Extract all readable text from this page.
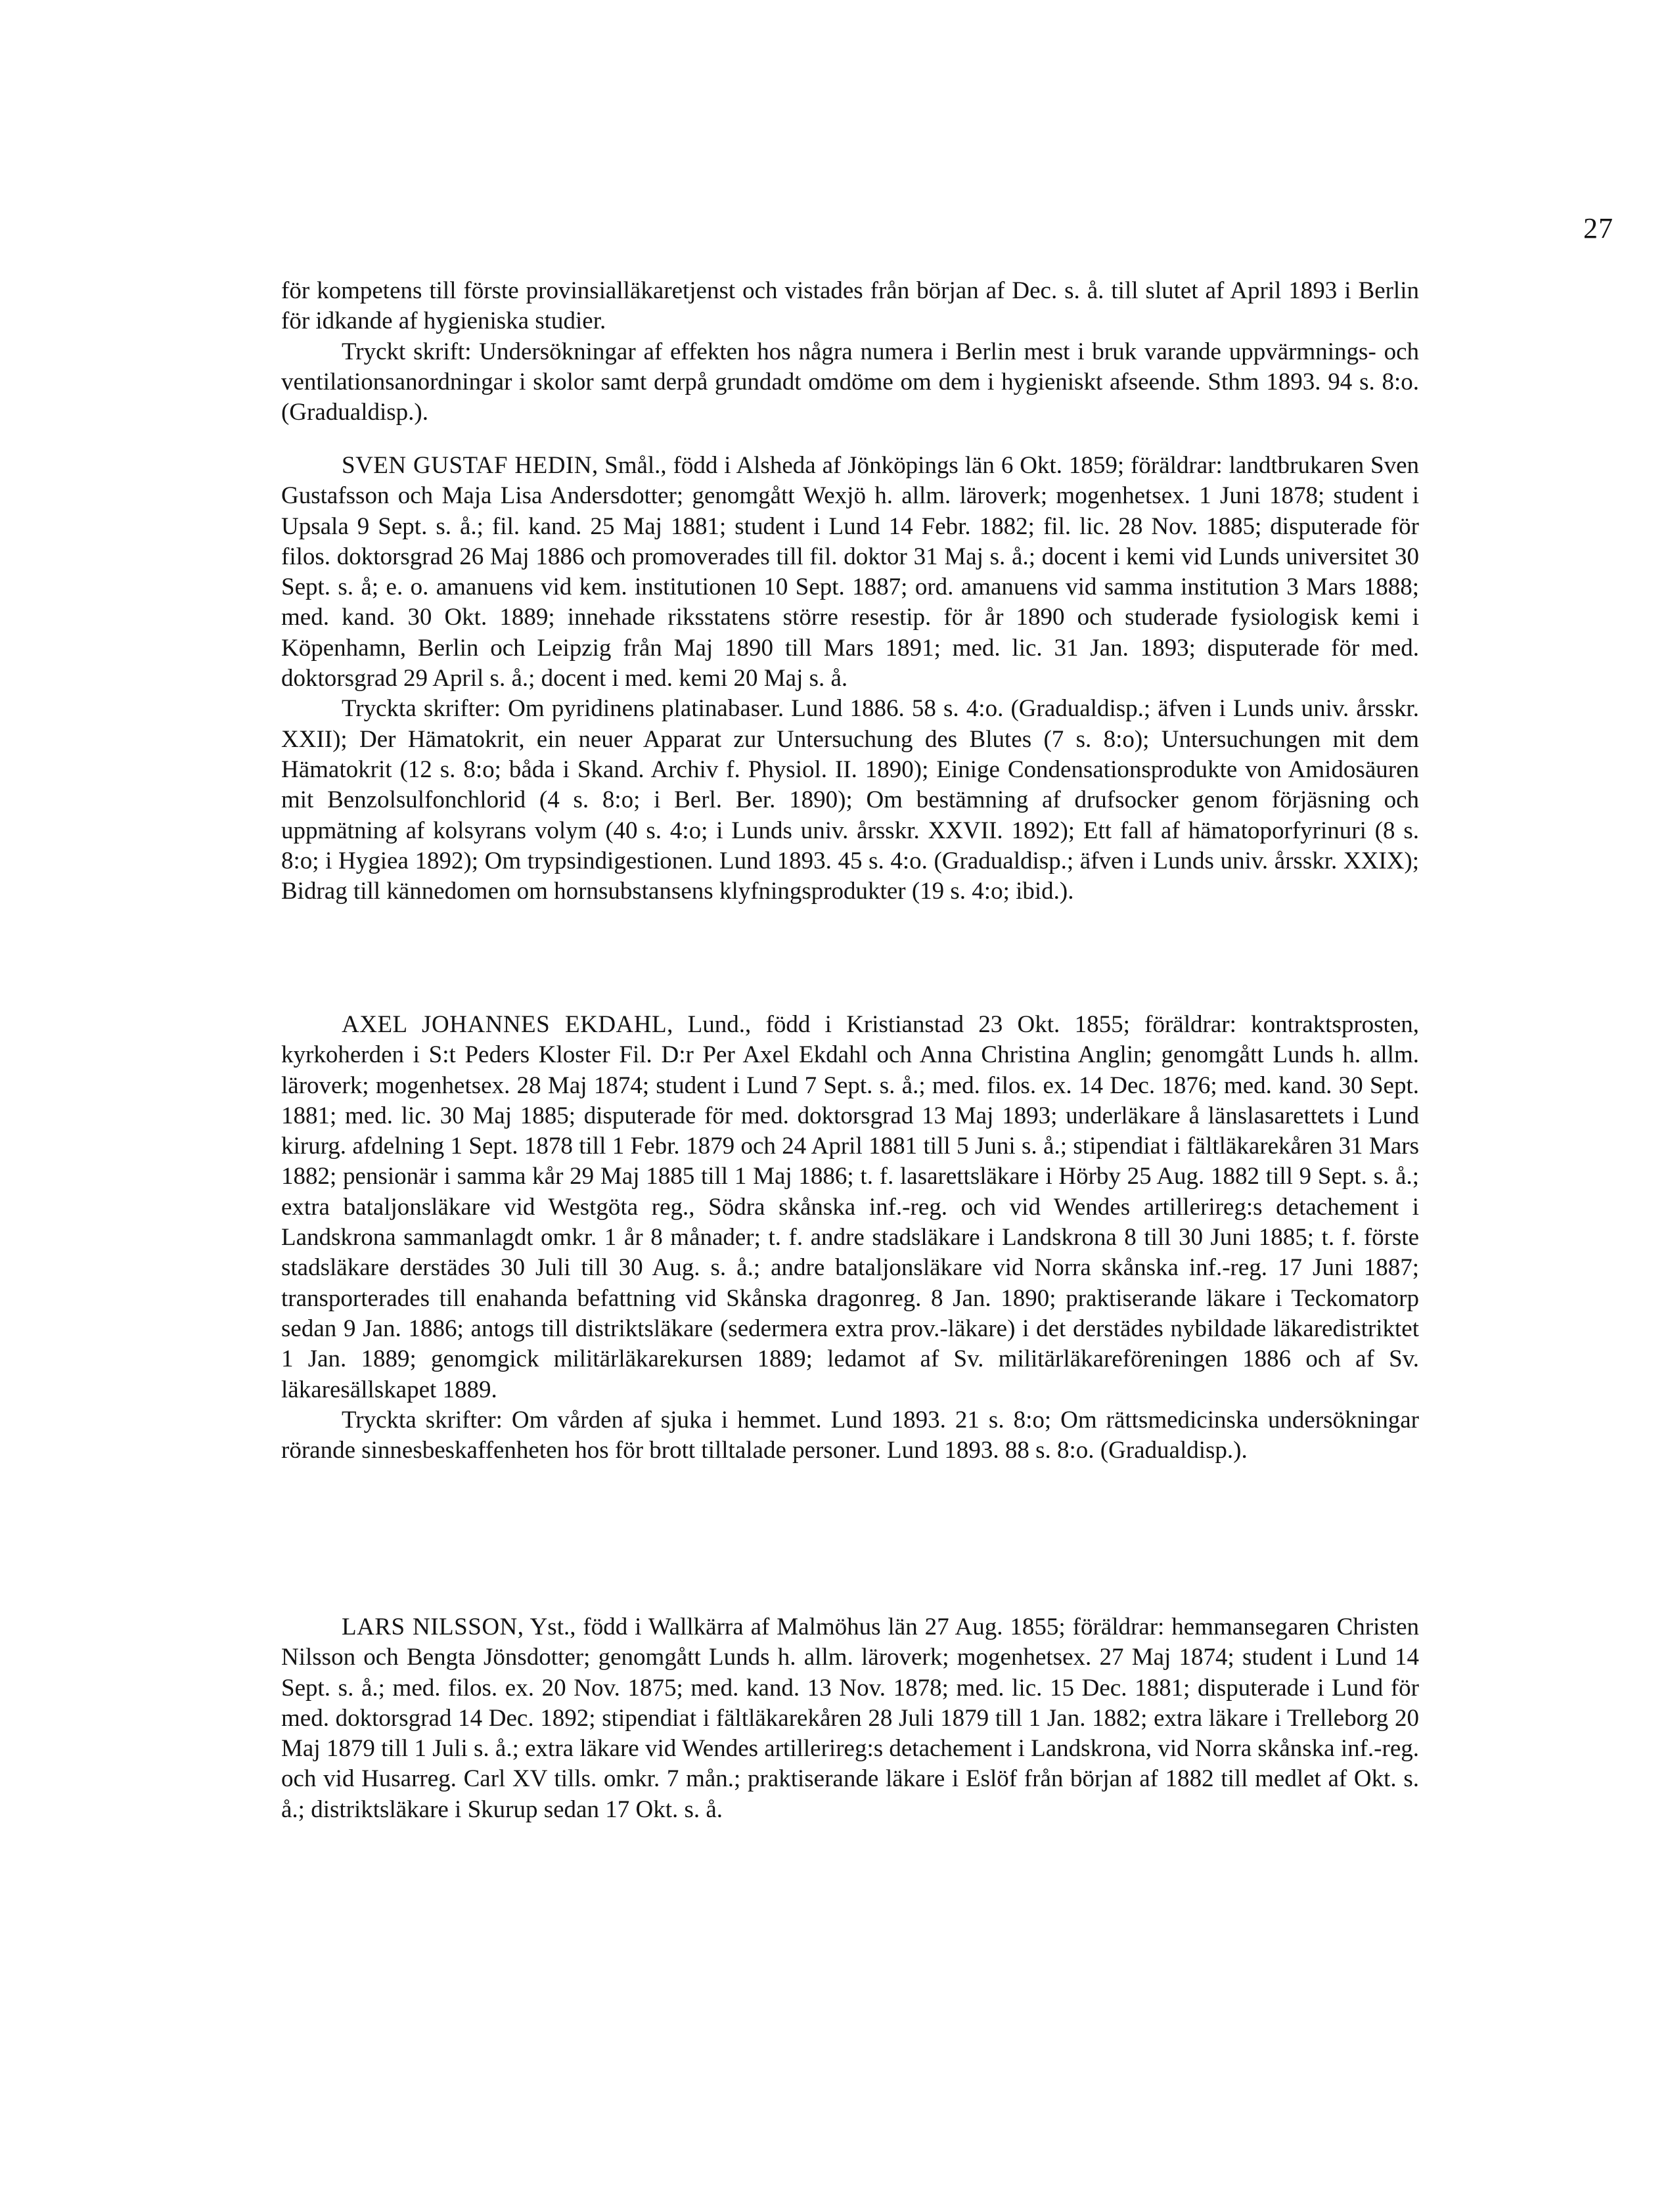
27

för kompetens till förste provinsialläkaretjenst och vistades från början af Dec. s. å. till slutet af April 1893 i Berlin för idkande af hygieniska studier.

Tryckt skrift: Undersökningar af effekten hos några numera i Berlin mest i bruk varande uppvärmnings- och ventilationsanordningar i skolor samt derpå grundadt omdöme om dem i hygieniskt afseende. Sthm 1893. 94 s. 8:o. (Gradualdisp.).

SVEN GUSTAF HEDIN, Smål., född i Alsheda af Jönköpings län 6 Okt. 1859; föräldrar: landtbrukaren Sven Gustafsson och Maja Lisa Andersdotter; genomgått Wexjö h. allm. läroverk; mogenhetsex. 1 Juni 1878; student i Upsala 9 Sept. s. å.; fil. kand. 25 Maj 1881; student i Lund 14 Febr. 1882; fil. lic. 28 Nov. 1885; disputerade för filos. doktorsgrad 26 Maj 1886 och promoverades till fil. doktor 31 Maj s. å.; docent i kemi vid Lunds universitet 30 Sept. s. å; e. o. amanuens vid kem. institutionen 10 Sept. 1887; ord. amanuens vid samma institution 3 Mars 1888; med. kand. 30 Okt. 1889; innehade riksstatens större resestip. för år 1890 och studerade fysiologisk kemi i Köpenhamn, Berlin och Leipzig från Maj 1890 till Mars 1891; med. lic. 31 Jan. 1893; disputerade för med. doktorsgrad 29 April s. å.; docent i med. kemi 20 Maj s. å.

Tryckta skrifter: Om pyridinens platinabaser. Lund 1886. 58 s. 4:o. (Gradualdisp.; äfven i Lunds univ. årsskr. XXII); Der Hämatokrit, ein neuer Apparat zur Untersuchung des Blutes (7 s. 8:o); Untersuchungen mit dem Hämatokrit (12 s. 8:o; båda i Skand. Archiv f. Physiol. II. 1890); Einige Condensationsprodukte von Amidosäuren mit Benzolsulfonchlorid (4 s. 8:o; i Berl. Ber. 1890); Om bestämning af drufsocker genom förjäsning och uppmätning af kolsyrans volym (40 s. 4:o; i Lunds univ. årsskr. XXVII. 1892); Ett fall af hämatoporfyrinuri (8 s. 8:o; i Hygiea 1892); Om trypsindigestionen. Lund 1893. 45 s. 4:o. (Gradualdisp.; äfven i Lunds univ. årsskr. XXIX); Bidrag till kännedomen om hornsubstansens klyfningsprodukter (19 s. 4:o; ibid.).

AXEL JOHANNES EKDAHL, Lund., född i Kristianstad 23 Okt. 1855; föräldrar: kontraktsprosten, kyrkoherden i S:t Peders Kloster Fil. D:r Per Axel Ekdahl och Anna Christina Anglin; genomgått Lunds h. allm. läroverk; mogenhetsex. 28 Maj 1874; student i Lund 7 Sept. s. å.; med. filos. ex. 14 Dec. 1876; med. kand. 30 Sept. 1881; med. lic. 30 Maj 1885; disputerade för med. doktorsgrad 13 Maj 1893; underläkare å länslasarettets i Lund kirurg. afdelning 1 Sept. 1878 till 1 Febr. 1879 och 24 April 1881 till 5 Juni s. å.; stipendiat i fältläkarekåren 31 Mars 1882; pensionär i samma kår 29 Maj 1885 till 1 Maj 1886; t. f. lasarettsläkare i Hörby 25 Aug. 1882 till 9 Sept. s. å.; extra bataljonsläkare vid Westgöta reg., Södra skånska inf.-reg. och vid Wendes artillerireg:s detachement i Landskrona sammanlagdt omkr. 1 år 8 månader; t. f. andre stadsläkare i Landskrona 8 till 30 Juni 1885; t. f. förste stadsläkare derstädes 30 Juli till 30 Aug. s. å.; andre bataljonsläkare vid Norra skånska inf.-reg. 17 Juni 1887; transporterades till enahanda befattning vid Skånska dragonreg. 8 Jan. 1890; praktiserande läkare i Teckomatorp sedan 9 Jan. 1886; antogs till distriktsläkare (sedermera extra prov.-läkare) i det derstädes nybildade läkaredistriktet 1 Jan. 1889; genomgick militärläkarekursen 1889; ledamot af Sv. militärläkareföreningen 1886 och af Sv. läkaresällskapet 1889.

Tryckta skrifter: Om vården af sjuka i hemmet. Lund 1893. 21 s. 8:o; Om rättsmedicinska undersökningar rörande sinnesbeskaffenheten hos för brott tilltalade personer. Lund 1893. 88 s. 8:o. (Gradualdisp.).

LARS NILSSON, Yst., född i Wallkärra af Malmöhus län 27 Aug. 1855; föräldrar: hemmansegaren Christen Nilsson och Bengta Jönsdotter; genomgått Lunds h. allm. läroverk; mogenhetsex. 27 Maj 1874; student i Lund 14 Sept. s. å.; med. filos. ex. 20 Nov. 1875; med. kand. 13 Nov. 1878; med. lic. 15 Dec. 1881; disputerade i Lund för med. doktorsgrad 14 Dec. 1892; stipendiat i fältläkarekåren 28 Juli 1879 till 1 Jan. 1882; extra läkare i Trelleborg 20 Maj 1879 till 1 Juli s. å.; extra läkare vid Wendes artillerireg:s detachement i Landskrona, vid Norra skånska inf.-reg. och vid Husarreg. Carl XV tills. omkr. 7 mån.; praktiserande läkare i Eslöf från början af 1882 till medlet af Okt. s. å.; distriktsläkare i Skurup sedan 17 Okt. s. å.
